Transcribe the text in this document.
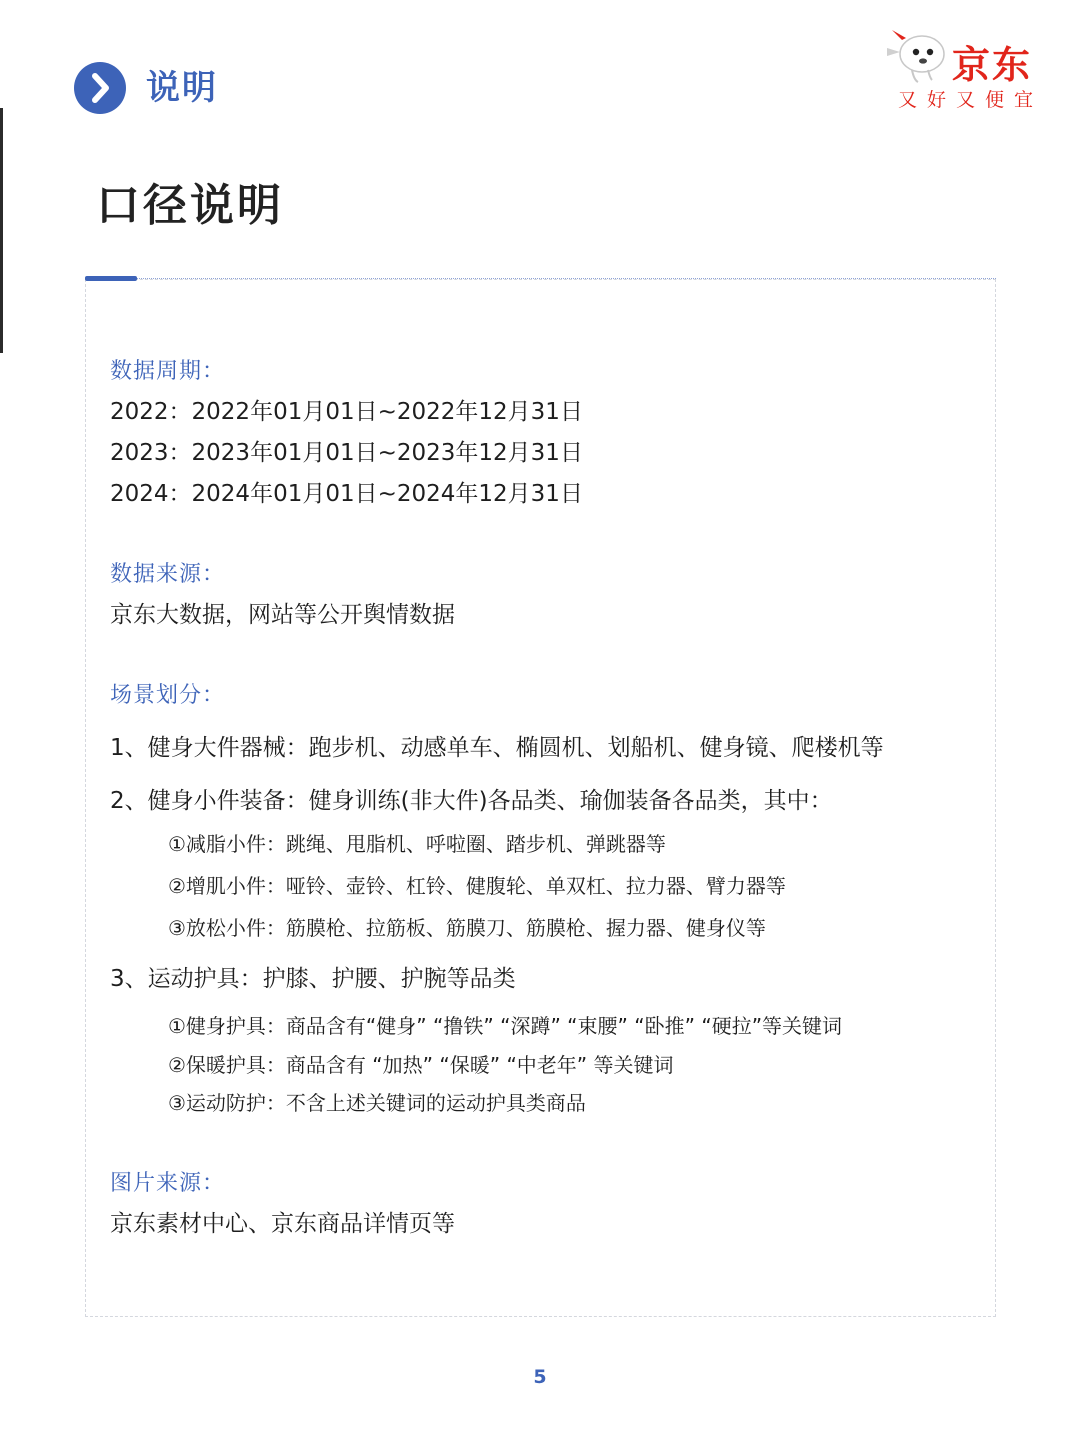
说明
京东
又好又便宜
口径说明
数据周期：
2022：2022年01月01日~2022年12月31日
2023：2023年01月01日~2023年12月31日
2024：2024年01月01日~2024年12月31日
数据来源：
京东大数据，网站等公开舆情数据
场景划分：
1、健身大件器械：跑步机、动感单车、椭圆机、划船机、健身镜、爬楼机等
2、健身小件装备：健身训练(非大件)各品类、瑜伽装备各品类，其中：
①减脂小件：跳绳、甩脂机、呼啦圈、踏步机、弹跳器等
②增肌小件：哑铃、壶铃、杠铃、健腹轮、单双杠、拉力器、臂力器等
③放松小件：筋膜枪、拉筋板、筋膜刀、筋膜枪、握力器、健身仪等
3、运动护具：护膝、护腰、护腕等品类
①健身护具：商品含有“健身” “撸铁” “深蹲” “束腰” “卧推” “硬拉”等关键词
②保暖护具：商品含有 “加热” “保暖” “中老年” 等关键词
③运动防护：不含上述关键词的运动护具类商品
图片来源：
京东素材中心、京东商品详情页等
5
